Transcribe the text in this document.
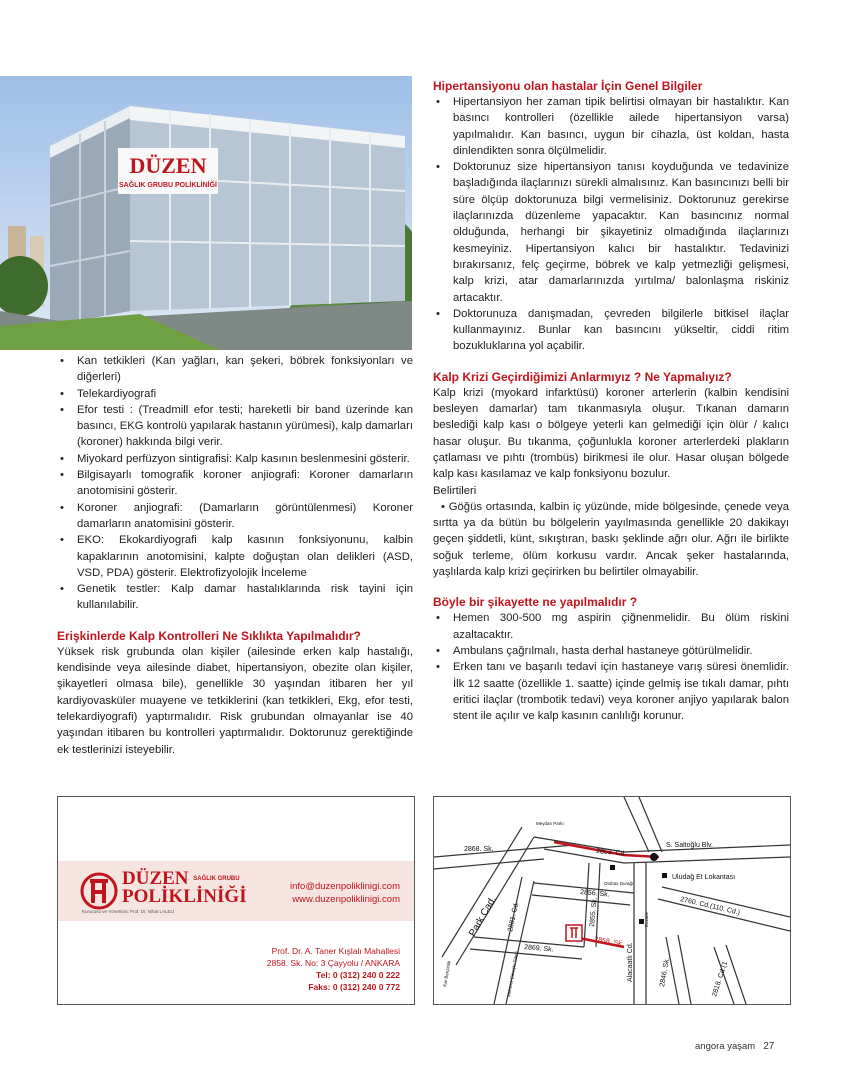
DÜZEN
SAĞLIK GRUBU POLİKLİNİĞİ
• Kan tetkikleri (Kan yağları, kan şekeri, böbrek fonksiyonları ve diğerleri)
• Telekardiyografi
• Efor testi : (Treadmill efor testi; hareketli bir band üzerinde kan basıncı, EKG kontrolü yapılarak hastanın yürümesi), kalp damarları (koroner) hakkında bilgi verir.
• Miyokard perfüzyon sintigrafisi: Kalp kasının beslenmesini gösterir.
• Bilgisayarlı tomografik koroner anjiografi: Koroner damarların anotomisini gösterir.
• Koroner anjiografi: (Damarların görüntülenmesi) Koroner damarların anatomisini gösterir.
• EKO: Ekokardiyografi kalp kasının fonksiyonunu, kalbin kapaklarının anotomisini, kalpte doğuştan olan delikleri (ASD, VSD, PDA) gösterir. Elektrofizyolojik İnceleme
• Genetik testler: Kalp damar hastalıklarında risk tayini için kullanılabilir.
Erişkinlerde Kalp Kontrolleri Ne Sıklıkta Yapılmalıdır?

Yüksek risk grubunda olan kişiler (ailesinde erken kalp hastalığı, kendisinde veya ailesinde diabet, hipertansiyon, obezite olan kişiler, şikayetleri olmasa bile), genellikle 30 yaşından itibaren her yıl kardiyovasküler muayene ve tetkiklerini (kan tetkikleri, Ekg, efor testi, telekardiyografi) yaptırmalıdır. Risk grubundan olmayanlar ise 40 yaşından itibaren bu kontrolleri yaptırmalıdır. Doktorunuz gerektiğinde ek testlerinizi isteyebilir.

Hipertansiyonu olan hastalar İçin Genel Bilgiler
• Hipertansiyon her zaman tipik belirtisi olmayan bir hastalıktır. Kan basıncı kontrolleri (özellikle ailede hipertansiyon varsa) yapılmalıdır. Kan basıncı, uygun bir cihazla, üst koldan, hasta dinlendikten sonra ölçülmelidir.
• Doktorunuz size hipertansiyon tanısı koyduğunda ve tedavinize başladığında ilaçlarınızı sürekli almalısınız. Kan basıncınızı belli bir süre ölçüp doktorunuza bilgi vermelisiniz. Doktorunuz gerekirse ilaçlarınızda düzenleme yapacaktır. Kan basıncınız normal olduğunda, herhangi bir şikayetiniz olmadığında ilaçlarınızı kesmeyiniz. Hipertansiyon kalıcı bir hastalıktır. Tedavinizi bırakırsanız, felç geçirme, böbrek ve kalp yetmezliği gelişmesi, kalp krizi, atar damarlarınızda yırtılma/ balonlaşma riskiniz artacaktır.
• Doktorunuza danışmadan, çevreden bilgilerle bitkisel ilaçlar kullanmayınız. Bunlar kan basıncını yükseltir, ciddi ritim bozukluklarına yol açabilir.
Kalp Krizi Geçirdiğimizi Anlarmıyız ? Ne Yapmalıyız?

Kalp krizi (myokard infarktüsü) koroner arterlerin (kalbin kendisini besleyen damarlar) tam tıkanmasıyla oluşur. Tıkanan damarın beslediği kalp kası o bölgeye yeterli kan gelmediği için ölür / kalıcı hasar oluşur. Bu tıkanma, çoğunlukla koroner arterlerdeki plakların çatlaması ve pıhtı (trombüs) birikmesi ile olur. Hasar oluşan bölgede kalp kası kasılamaz ve kalp fonksiyonu bozulur.

Belirtileri

• Göğüs ortasında, kalbin iç yüzünde, mide bölgesinde, çenede veya sırtta ya da bütün bu bölgelerin yayılmasında genellikle 20 dakikayı geçen şiddetli, künt, sıkıştıran, baskı şeklinde ağrı olur. Ağrı ile birlikte soğuk terleme, ölüm korkusu vardır. Ancak şeker hastalarında, yaşlılarda kalp krizi geçirirken bu belirtiler olmayabilir.

Böyle bir şikayette ne yapılmalıdır ?
• Hemen 300-500 mg aspirin çiğnenmelidir. Bu ölüm riskini azaltacaktır.
• Ambulans çağrılmalı, hasta derhal hastaneye götürülmelidir.
• Erken tanı ve başarılı tedavi için hastaneye varış süresi önemlidir. İlk 12 saatte (özellikle 1. saatte) içinde gelmiş ise tıkalı damar, pıhtı eritici ilaçlar (trombotik tedavi) veya koroner anjiyo yapılarak balon stent ile açılır ve kalp kasının canlılığı korunur.
DÜZEN SAĞLIK GRUBU
POLİKLİNİĞİ
Kurucusu ve Yöneticisi: Prof. Dr. Nihat LALELİ
info@duzenpoliklinigi.com
www.duzenpoliklinigi.com
Prof. Dr. A. Taner Kışlalı Mahallesi
2858. Sk. No: 3 Çayyolu / ANKARA
Tel: 0 (312) 240 0 222
Faks: 0 (312) 240 0 772
2868. Sk.
Park Cad. 2881. Cd.
2869. Sk.
2853. Cd.
2856. Sk.
2855. Sk.
2858. Sk.
S. Saltoğlu Blv.
Uludağ Et Lokantası
2760. Cd.(110. Cd.)
2846. Sk.	2818. Cd.(1
Alacaatlı Cd.
Meydan Parkı
Otobüs Durağı
Eczane
Kar Benzinlik	Mehmet Çavuşlu Sitesi
angora yaşam 27
